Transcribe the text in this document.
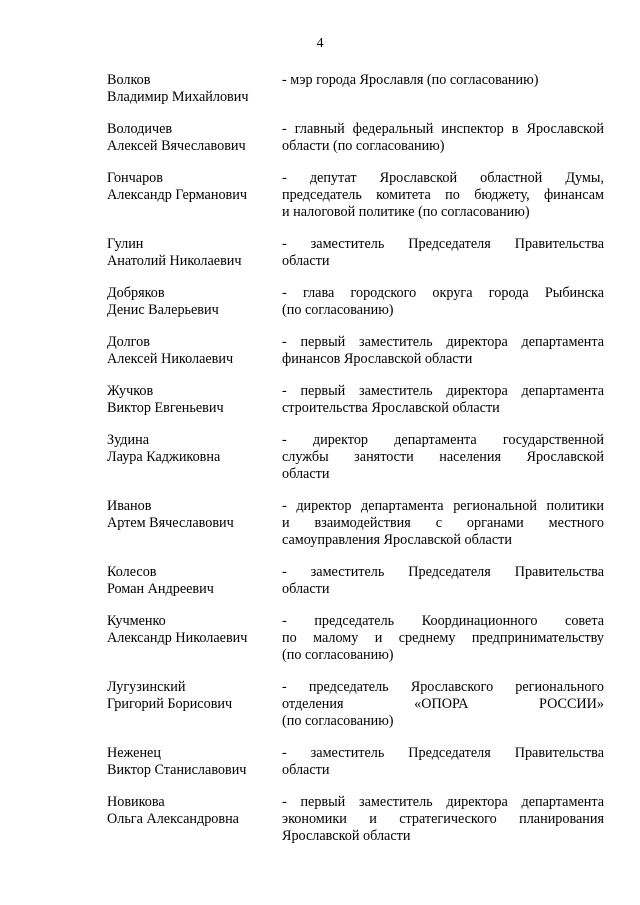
4
Волков
Владимир Михайлович
- мэр города Ярославля (по согласованию)
Володичев
Алексей Вячеславович
- главный федеральный инспектор в Ярославской
области (по согласованию)
Гончаров
Александр Германович
- депутат Ярославской областной Думы,
председатель комитета по бюджету, финансам
и налоговой политике (по согласованию)
Гулин
Анатолий Николаевич
- заместитель Председателя Правительства
области
Добряков
Денис Валерьевич
- глава городского округа города Рыбинска
(по согласованию)
Долгов
Алексей Николаевич
- первый заместитель директора департамента
финансов Ярославской области
Жучков
Виктор Евгеньевич
- первый заместитель директора департамента
строительства Ярославской области
Зудина
Лаура Каджиковна
- директор департамента государственной
службы занятости населения Ярославской
области
Иванов
Артем Вячеславович
- директор департамента региональной политики
и взаимодействия с органами местного
самоуправления Ярославской области
Колесов
Роман Андреевич
- заместитель Председателя Правительства
области
Кучменко
Александр Николаевич
- председатель Координационного совета
по малому и среднему предпринимательству
(по согласованию)
Лугузинский
Григорий Борисович
- председатель Ярославского регионального
отделения «ОПОРА РОССИИ»
(по согласованию)
Неженец
Виктор Станиславович
- заместитель Председателя Правительства
области
Новикова
Ольга Александровна
- первый заместитель директора департамента
экономики и стратегического планирования
Ярославской области
